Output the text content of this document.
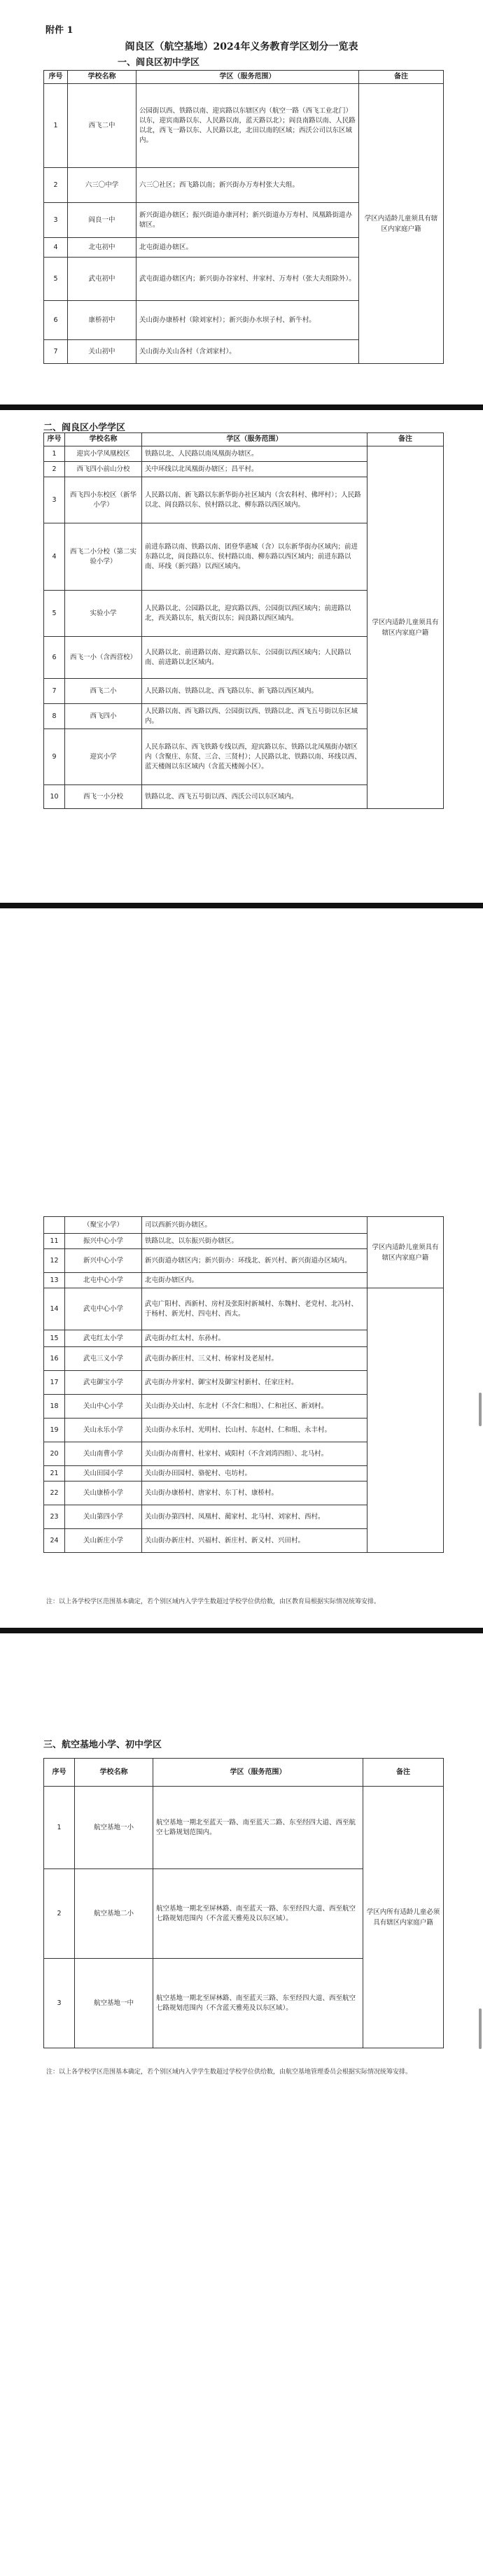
附件 1
阎良区（航空基地）2024年义务教育学区划分一览表
一、阎良区初中学区
序号	学校名称	学区（服务范围）	备注
1	西飞二中	公园街以西、铁路以南、迎宾路以东辖区内（航空一路（西飞工业北门）以东，迎宾南路以东、人民路以南，蓝天路以北）；阎良南路以南、人民路以北，西飞一路以东、人民路以北，北田以南的区域；西沃公司以东区域内。	学区内适龄儿童须具有辖区内家庭户籍
2	六三〇中学	六三〇社区；西飞路以南；新兴街办万寿村张大夫组。	
3	阎良一中	新兴街道办辖区；振兴街道办康河村；新兴街道办万寿村、凤凰路街道办辖区。	
4	北屯初中	北屯街道办辖区。	
5	武屯初中	武屯街道办辖区内；新兴街办谷家村、井家村、万寿村（张大夫组除外）。	
6	康桥初中	关山街办康桥村（除刘家村）；新兴街办水坝子村、新牛村。	
7	关山初中	关山街办关山各村（含刘家村）。	
二、阎良区小学学区
序号	学校名称	学区（服务范围）	备注
1	迎宾小学凤凰校区	铁路以北、人民路以南凤凰街办辖区。	学区内适龄儿童须具有辖区内家庭户籍
2	西飞四小前山分校	关中环线以北凤凰街办辖区；昌平村。	
3	西飞四小东校区（新华小学）	人民路以南、新飞路以东新华街办社区域内（含农科村、佛坪村）；人民路以北、阎良路以东、侯村路以北、柳东路以西区域内。	
4	西飞二小分校（第二实验小学）	前进东路以南、铁路以南、团登华惠城（含）以东新华街办区域内；前进东路以北，阎良路以东、侯村路以南、柳东路以西区域内；前进东路以南、环线（新兴路）以西区域内。	
5	实验小学	人民路以北、公园路以北，迎宾路以西、公园街以西区域内；前进路以北，西关路以东，航天街以东；阎良路以西区域内。	
6	西飞一小（含西营校）	人民路以北、前进路以南、迎宾路以东、公园街以西区域内；人民路以南、前进路以北区域内。	
7	西飞二小	人民路以南、铁路以北、西飞路以东、新飞路以西区域内。	
8	西飞四小	人民路以南、西飞路以西、公园街以西、铁路以北、西飞五号街以东区域内。	
9	迎宾小学	人民东路以东、西飞铁路专线以西，迎宾路以东、铁路以北凤凰街办辖区内（含聚庄、东贤、三合、三贤村）；人民路以北、铁路以南、环线以西、蓝天楼阁以东区域内（含蓝天楼阁小区）。	
10	西飞一小分校	铁路以北、西飞五号街以西、西沃公司以东区域内。	
	（聚宝小学）	司以西新兴街办辖区。	学区内适龄儿童须具有辖区内家庭户籍
11	振兴中心小学	铁路以北、以东振兴街办辖区。	
12	新兴中心小学	新兴街道办辖区内；新兴街办：环线北、新兴村、新兴街道办区域内。	
13	北屯中心小学	北屯街办辖区内。	
14	武屯中心小学	武屯广阳村、西新村、房村及张阳村新城村、东魏村、老党村、北冯村、于杨村、新光村、四屯村、西太。	
15	武屯红太小学	武屯街办红太村、东孙村。	
16	武屯三义小学	武屯街办新庄村、三义村、杨家村及老屋村。	
17	武屯御宝小学	武屯街办井家村、御宝村及御宝村新村、任家庄村。	
18	关山中心小学	关山街办关山村、东北村（不含仁和组）、仁和社区、新刘村。	
19	关山永乐小学	关山街办永乐村、光明村、长山村、东赵村、仁和组、永丰村。	
20	关山南曹小学	关山街办南曹村、杜家村、咸阳村（不含刘湾四组）、北马村。	
21	关山田园小学	关山街办田园村、骆驼村、屯坊村。	
22	关山康桥小学	关山街办康桥村、唐家村、东丁村、康桥村。	
23	关山第四小学	关山街办第四村、凤凰村、蔺家村、北马村、刘家村、西村。	
24	关山新庄小学	关山街办新庄村、兴福村、新庄村、新义村、兴田村。	
注：以上各学校学区范围基本确定，若个别区域内入学学生数超过学校学位供给数，由区教育局根据实际情况统筹安排。
三、航空基地小学、初中学区
序号	学校名称	学区（服务范围）	备注
1	航空基地一小	航空基地一期北至蓝天一路、南至蓝天二路、东至经四大道、西至航空七路规划范围内。	学区内所有适龄儿童必须具有辖区内家庭户籍
2	航空基地二小	航空基地一期北至屏林路、南至蓝天一路、东至经四大道、西至航空七路规划范围内（不含蓝天雅苑及以东区域）。	
3	航空基地一中	航空基地一期北至屏林路、南至蓝天三路、东至经四大道、西至航空七路规划范围内（不含蓝天雅苑及以东区域）。	
注：以上各学校学区范围基本确定，若个别区域内入学学生数超过学校学位供给数，由航空基地管理委员会根据实际情况统筹安排。
